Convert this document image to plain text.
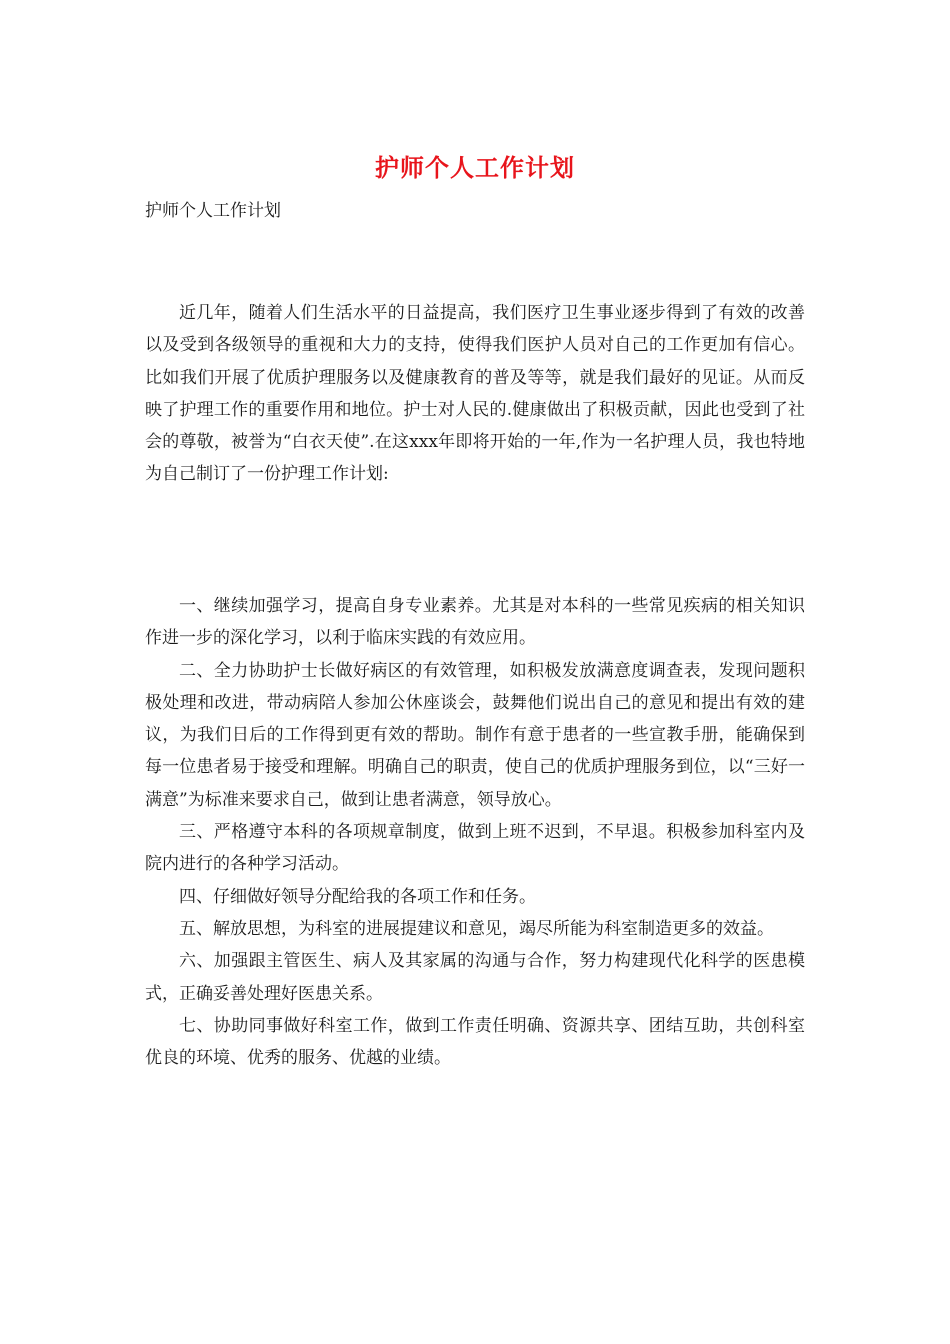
护师个人工作计划
护师个人工作计划

近几年，随着人们生活水平的日益提高，我们医疗卫生事业逐步得到了有效的改善以及受到各级领导的重视和大力的支持，使得我们医护人员对自己的工作更加有信心。比如我们开展了优质护理服务以及健康教育的普及等等，就是我们最好的见证。从而反映了护理工作的重要作用和地位。护士对人民的.健康做出了积极贡献，因此也受到了社会的尊敬，被誉为“白衣天使”.在这xxx年即将开始的一年,作为一名护理人员，我也特地为自己制订了一份护理工作计划:

一、继续加强学习，提高自身专业素养。尤其是对本科的一些常见疾病的相关知识作进一步的深化学习，以利于临床实践的有效应用。

二、全力协助护士长做好病区的有效管理，如积极发放满意度调查表，发现问题积极处理和改进，带动病陪人参加公休座谈会，鼓舞他们说出自己的意见和提出有效的建议，为我们日后的工作得到更有效的帮助。制作有意于患者的一些宣教手册，能确保到每一位患者易于接受和理解。明确自己的职责，使自己的优质护理服务到位，以“三好一满意”为标准来要求自己，做到让患者满意，领导放心。

三、严格遵守本科的各项规章制度，做到上班不迟到，不早退。积极参加科室内及院内进行的各种学习活动。

四、仔细做好领导分配给我的各项工作和任务。

五、解放思想，为科室的进展提建议和意见，竭尽所能为科室制造更多的效益。

六、加强跟主管医生、病人及其家属的沟通与合作，努力构建现代化科学的医患模式，正确妥善处理好医患关系。

七、协助同事做好科室工作，做到工作责任明确、资源共享、团结互助，共创科室优良的环境、优秀的服务、优越的业绩。
